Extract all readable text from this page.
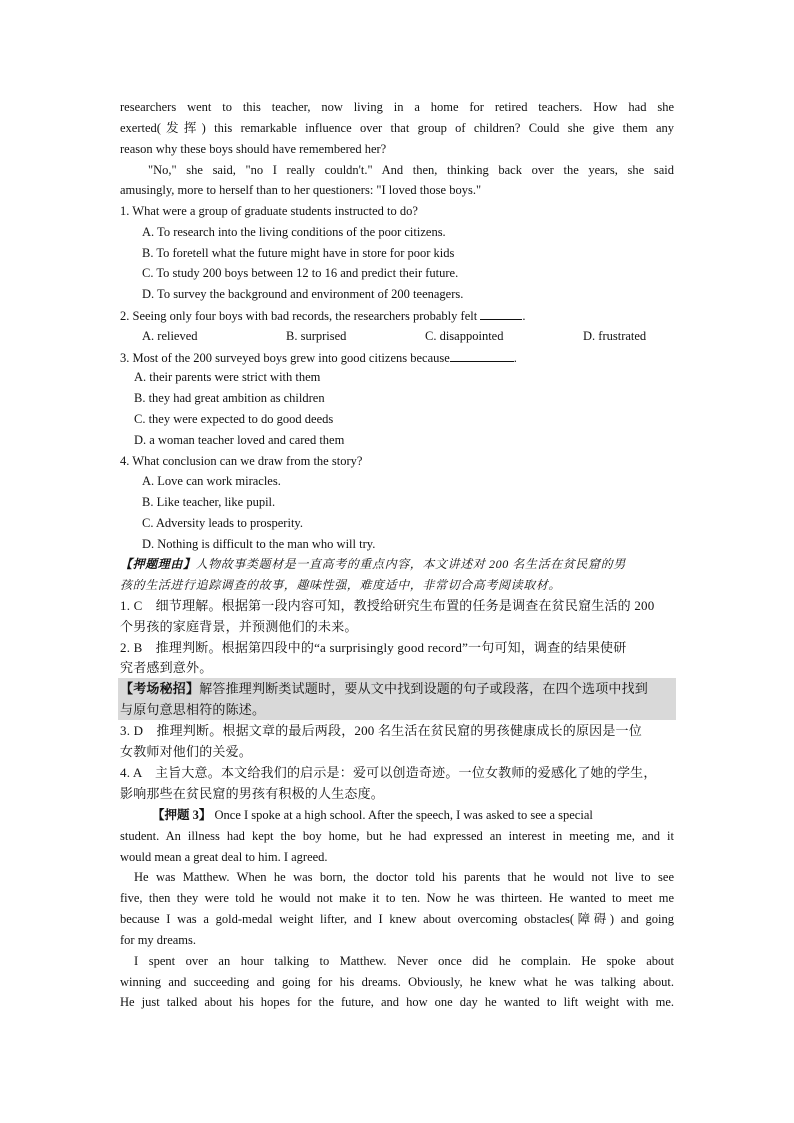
researchers went to this teacher, now living in a home for retired teachers. How had she
exerted(发挥) this remarkable influence over that group of children? Could she give them any
reason why these boys should have remembered her?
"No," she said, "no I really couldn't." And then, thinking back over the years, she said
amusingly, more to herself than to her questioners: "I loved those boys."
1. What were a group of graduate students instructed to do?
A. To research into the living conditions of the poor citizens.
B. To foretell what the future might have in store for poor kids
C. To study 200 boys between 12 to 16 and predict their future.
D. To survey the background and environment of 200 teenagers.
2. Seeing only four boys with bad records, the researchers probably felt	.
A. relieved	B. surprised	C. disappointed	D. frustrated
3. Most of the 200 surveyed boys grew into good citizens because	.
A. their parents were strict with them
B. they had great ambition as children
C. they were expected to do good deeds
D. a woman teacher loved and cared them
4. What conclusion can we draw from the story?
A. Love can work miracles.
B. Like teacher, like pupil.
C. Adversity leads to prosperity.
D. Nothing is difficult to the man who will try.
【押题理由】人物故事类题材是一直高考的重点内容，本文讲述对 200 名生活在贫民窟的男
孩的生活进行追踪调查的故事，趣味性强，难度适中，非常切合高考阅读取材。
1. C　细节理解。根据第一段内容可知，教授给研究生布置的任务是调查在贫民窟生活的 200
个男孩的家庭背景，并预测他们的未来。
2. B　推理判断。根据第四段中的“a surprisingly good record”一句可知，调查的结果使研
究者感到意外。
【考场秘招】解答推理判断类试题时，要从文中找到设题的句子或段落，在四个选项中找到
与原句意思相符的陈述。
3. D　推理判断。根据文章的最后两段，200 名生活在贫民窟的男孩健康成长的原因是一位
女教师对他们的关爱。
4. A　主旨大意。本文给我们的启示是：爱可以创造奇迹。一位女教师的爱感化了她的学生，
影响那些在贫民窟的男孩有积极的人生态度。
【押题 3】 Once I spoke at a high school. After the speech, I was asked to see a special
student. An illness had kept the boy home, but he had expressed an interest in meeting me, and it
would mean a great deal to him. I agreed.
He was Matthew. When he was born, the doctor told his parents that he would not live to see
five, then they were told he would not make it to ten. Now he was thirteen. He wanted to meet me
because I was a gold-medal weight lifter, and I knew about overcoming obstacles(障碍) and going
for my dreams.
I spent over an hour talking to Matthew. Never once did he complain. He spoke about
winning and succeeding and going for his dreams. Obviously, he knew what he was talking about.
He just talked about his hopes for the future, and how one day he wanted to lift weight with me.
